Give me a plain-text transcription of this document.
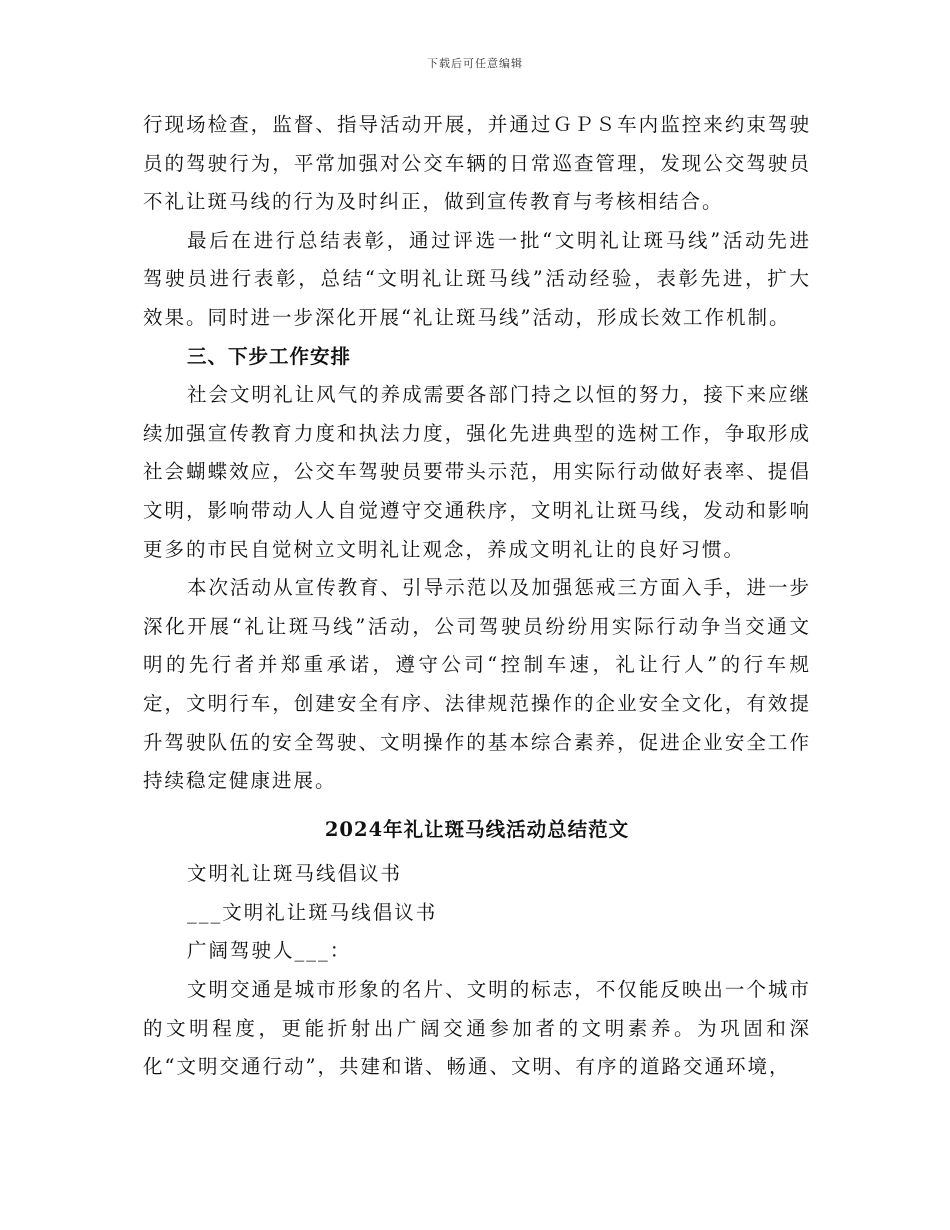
下载后可任意编辑

行现场检查，监督、指导活动开展，并通过ＧＰＳ车内监控来约束驾驶员的驾驶行为，平常加强对公交车辆的日常巡查管理，发现公交驾驶员不礼让斑马线的行为及时纠正，做到宣传教育与考核相结合。

最后在进行总结表彰，通过评选一批“文明礼让斑马线”活动先进驾驶员进行表彰，总结“文明礼让斑马线”活动经验，表彰先进，扩大效果。同时进一步深化开展“礼让斑马线”活动，形成长效工作机制。

三、下步工作安排

社会文明礼让风气的养成需要各部门持之以恒的努力，接下来应继续加强宣传教育力度和执法力度，强化先进典型的选树工作，争取形成社会蝴蝶效应，公交车驾驶员要带头示范，用实际行动做好表率、提倡文明，影响带动人人自觉遵守交通秩序，文明礼让斑马线，发动和影响更多的市民自觉树立文明礼让观念，养成文明礼让的良好习惯。

本次活动从宣传教育、引导示范以及加强惩戒三方面入手，进一步深化开展“礼让斑马线”活动，公司驾驶员纷纷用实际行动争当交通文明的先行者并郑重承诺，遵守公司“控制车速，礼让行人”的行车规定，文明行车，创建安全有序、法律规范操作的企业安全文化，有效提升驾驶队伍的安全驾驶、文明操作的基本综合素养，促进企业安全工作持续稳定健康进展。

2024年礼让斑马线活动总结范文

文明礼让斑马线倡议书

___文明礼让斑马线倡议书

广阔驾驶人___：

文明交通是城市形象的名片、文明的标志，不仅能反映出一个城市的文明程度，更能折射出广阔交通参加者的文明素养。为巩固和深化“文明交通行动”，共建和谐、畅通、文明、有序的道路交通环境，
